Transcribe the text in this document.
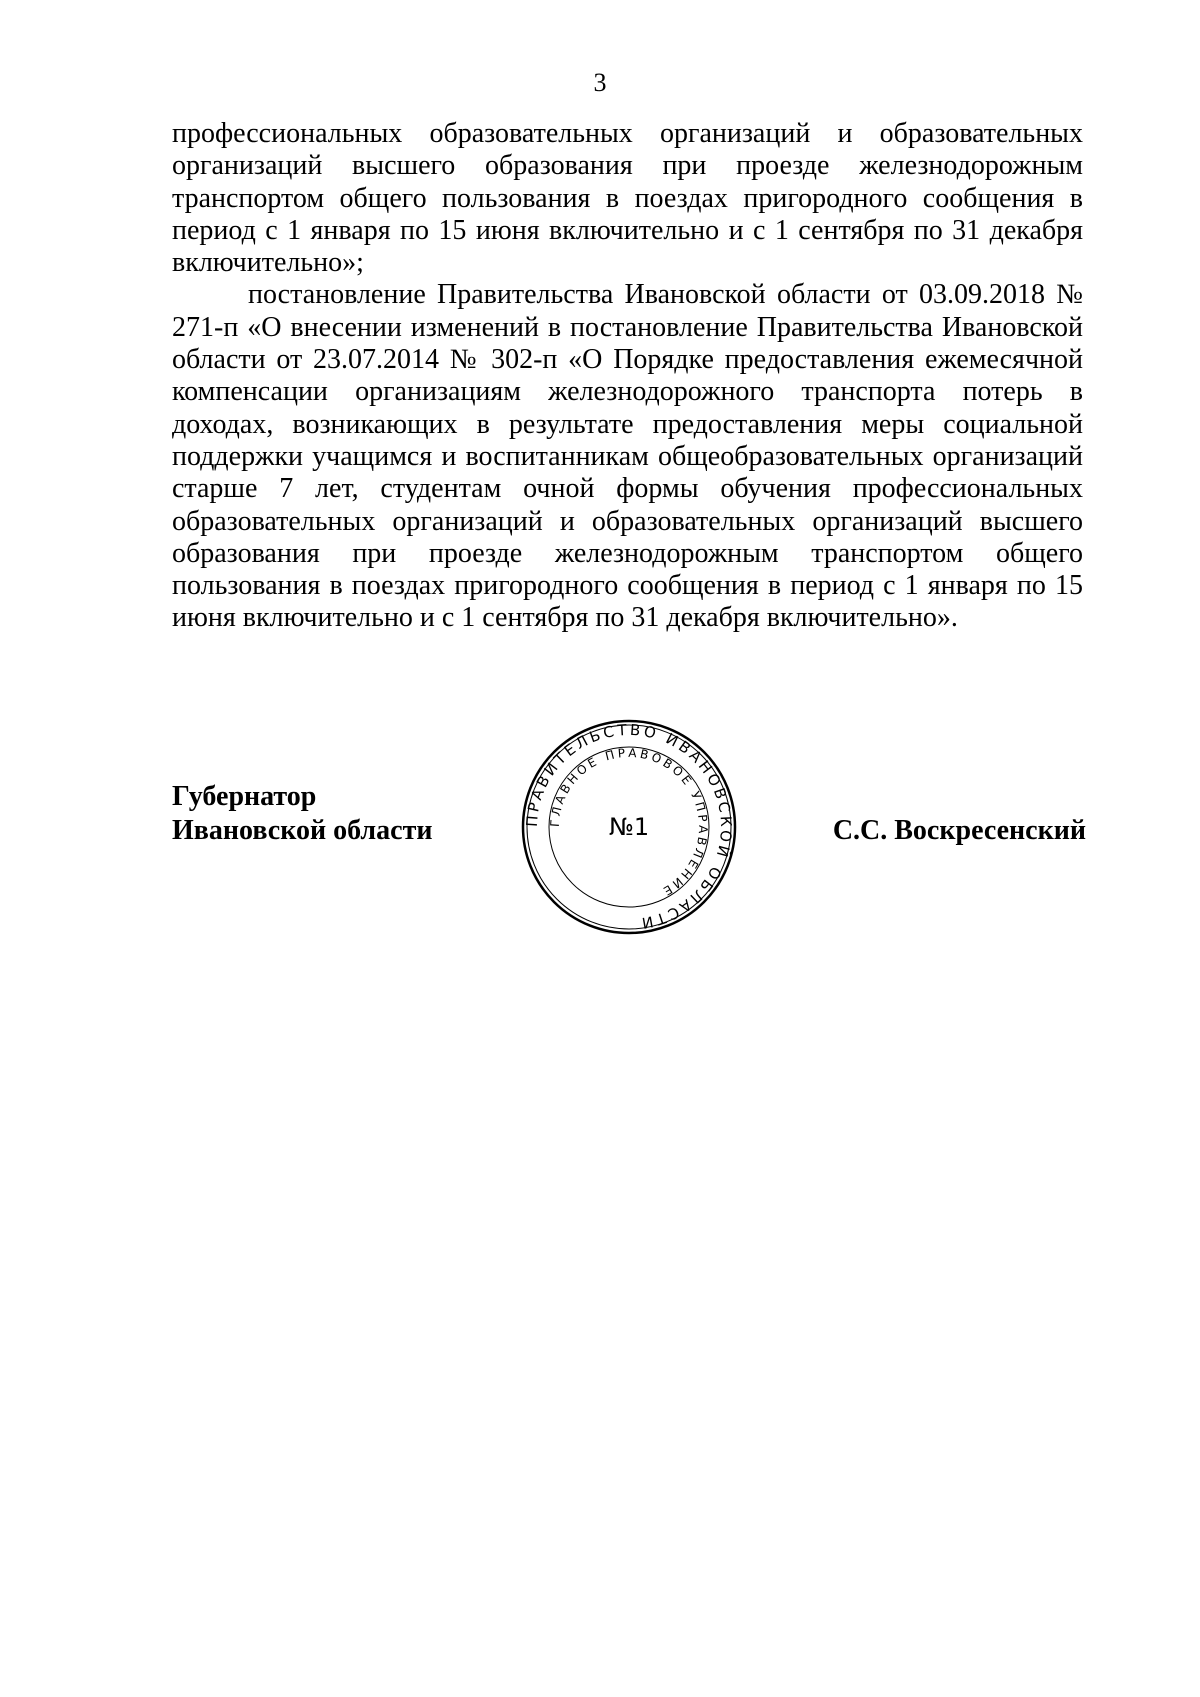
3

профессиональных образовательных организаций и образовательных организаций высшего образования при проезде железнодорожным транспортом общего пользования в поездах пригородного сообщения в период с 1 января по 15 июня включительно и с 1 сентября по 31 декабря включительно»;

постановление Правительства Ивановской области от 03.09.2018 № 271-п «О внесении изменений в постановление Правительства Ивановской области от 23.07.2014 № 302-п «О Порядке предоставления ежемесячной компенсации организациям железнодорожного транспорта потерь в доходах, возникающих в результате предоставления меры социальной поддержки учащимся и воспитанникам общеобразовательных организаций старше 7 лет, студентам очной формы обучения профессиональных образовательных организаций и образовательных организаций высшего образования при проезде железнодорожным транспортом общего пользования в поездах пригородного сообщения в период с 1 января по 15 июня включительно и с 1 сентября по 31 декабря включительно».

Губернатор
Ивановской области	ПРАВИТЕЛЬСТВО ИВАНОВСКОЙ ОБЛАСТИ
ГЛАВНОЕ ПРАВОВОЕ УПРАВЛЕНИЕ
№1	С.С. Воскресенский
